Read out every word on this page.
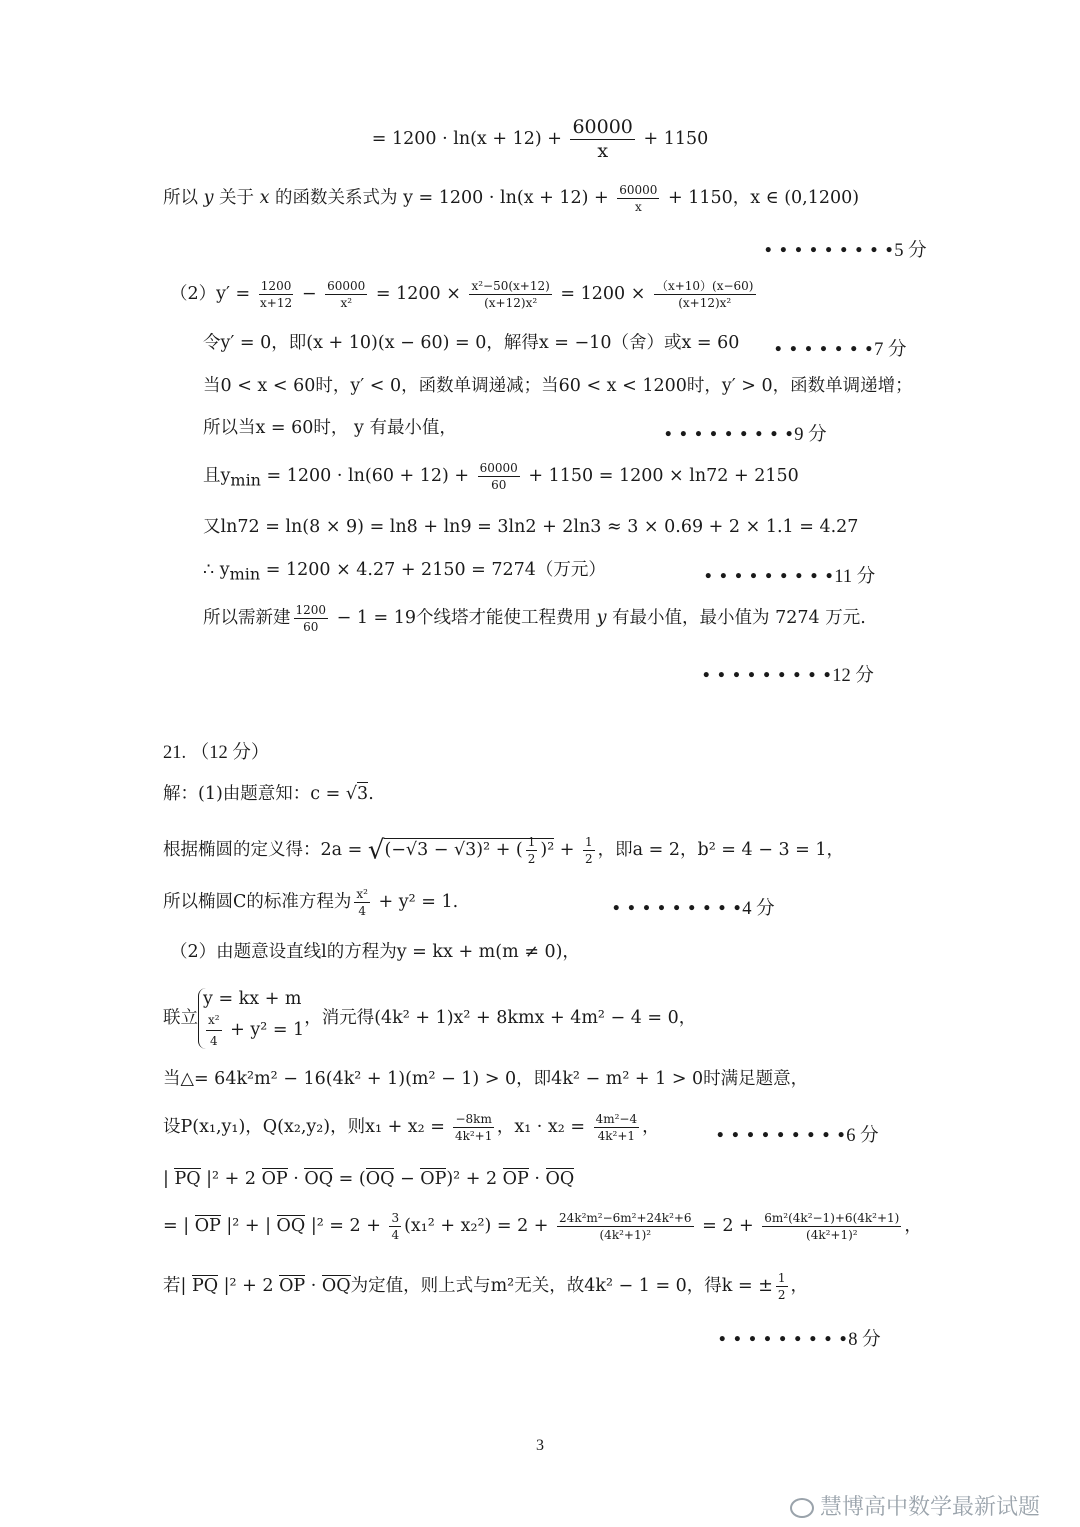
= $1200 \cdot \ln(x + 12) + \frac{60000}{x} + 1150$
所以 y 关于 x 的函数关系式为 $y = 1200 \cdot \ln(x + 12) + \frac{60000}{x} + 1150$，x ∈ (0,1200)
• • • • • • • • •5 分
$(2)y' = \frac{1200}{x+12} - \frac{60000}{\text{x²}} = 1200 \times \frac{\text{x²−50(x+12)}}{\text{(x+12)x²}} = 1200 \times \frac{(x+10)(x-60)}{\text{(x+12)x²}}$
令y′ = 0，即(x + 10)(x − 60) = 0，解得x = −10（舍）或x = 60 • • • • • • •7 分
当0 < x < 60时，y′ < 0，函数单调递减；当60 < x < 1200时，y′ > 0，函数单调递增；
所以当x = 60时， y 有最小值，	• • • • • • • • •9 分
且$y_{min} = 1200 \cdot \ln(60 + 12) + \frac{60000}{60} + 1150 = 1200 \times \ln 72 + 2150$
又ln72 = ln(8 × 9) = ln8 + ln9 = 3ln2 + 2ln3 ≈ 3 × 0.69 + 2 × 1.1 = 4.27
∴ $y_{min} = 1200 \times 4.27 + 2150 = 7274$（万元）	• • • • • • • • •11 分
所以需新建 $\frac{1200}{60} - 1 = 19$个线塔才能使工程费用 y 有最小值，最小值为 7274 万元.
• • • • • • • • •12 分
21. （12 分）
解：(1)由题意知：c = √3.
根据椭圆的定义得：2a = √(−√3 − √3)² + ( $\frac{1}{2} )^2 + \frac{1}{2}$ ，即a = 2，b² = 4 − 3 = 1，
所以椭圆C的标准方程为 $\frac{\text{x²}}{4} + y^2 = 1$.	• • • • • • • • •4 分
（2）由题意设直线l的方程为y = kx + m(m ≠ 0)，
联立
y = kx + m
$\frac{\text{x²}}{4} + y^2 = 1$
，消元得(4k² + 1)x² + 8kmx + 4m² − 4 = 0，
当△= 64k²m² − 16(4k² + 1)(m² − 1) > 0，即4k² − m² + 1 > 0时满足题意，
设P(x₁,y₁)，Q(x₂,y₂)，则$x_1 + x_2 = \frac{-8km}{\text{4k²+1}}$ ，$x_1 \cdot x_2 = \frac{\text{4m²−4}}{\text{4k²+1}}$ ，	• • • • • • • • •6 分
| PQ |² + 2 OP · OQ = (OQ − OP)² + 2 OP · OQ
= | OP |² + | OQ $|^2 = 2 + \frac{3}{4} (x_1^2 + x_2^2) = 2 + \frac{\text{24k²m²−6m²+24k²+6}}{\text{(4k²+1)²}} = 2 + \frac{\text{6m²(4k²−1)+6(4k²+1)}}{\text{(4k²+1)²}}$ ，
若| PQ |² + 2 OP · OQ为定值，则上式与m²无关，故4k² − 1 = 0，得k = ± $\frac{1}{2}$ ，
• • • • • • • • •8 分
3
慧博高中数学最新试题
